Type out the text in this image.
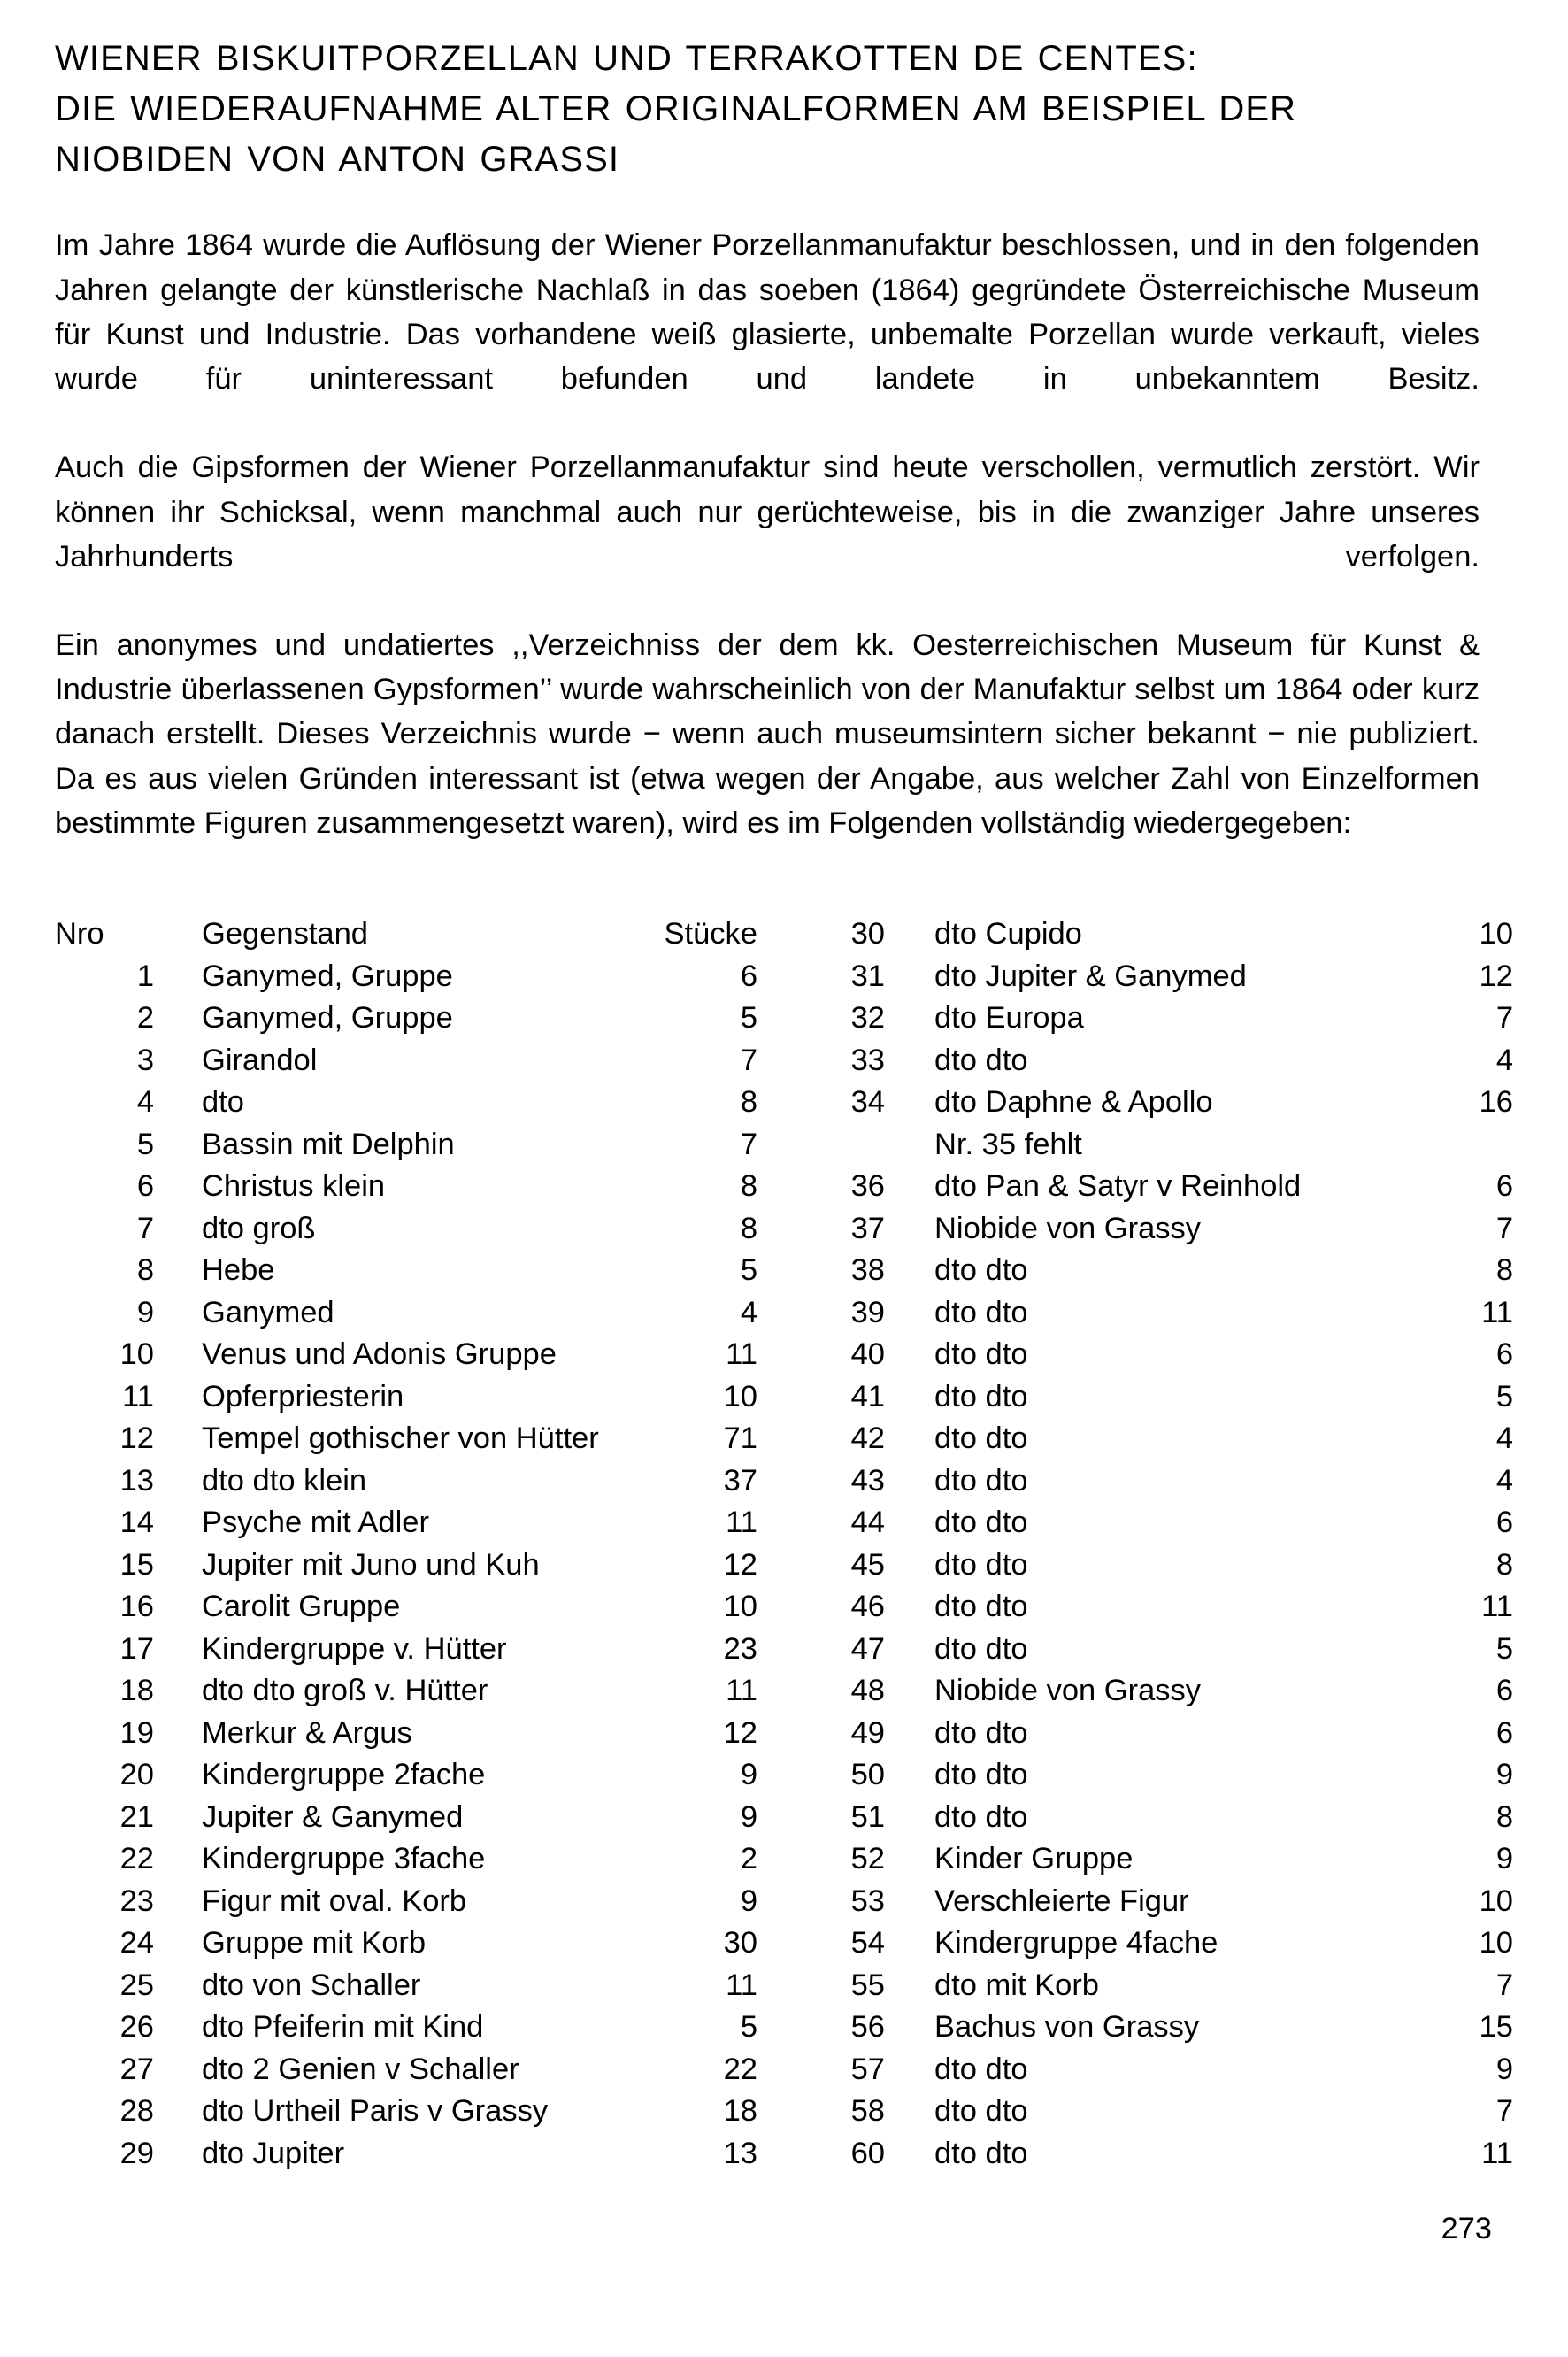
WIENER BISKUITPORZELLAN UND TERRAKOTTEN DE CENTES:
DIE WIEDERAUFNAHME ALTER ORIGINALFORMEN AM BEISPIEL DER
NIOBIDEN VON ANTON GRASSI

Im Jahre 1864 wurde die Auflösung der Wiener Porzellanmanufaktur beschlossen, und in den folgenden Jahren gelangte der künstlerische Nachlaß in das soeben (1864) gegründete Österreichische Museum für Kunst und Industrie. Das vorhandene weiß glasierte, unbemalte Porzellan wurde verkauft, vieles wurde für uninteressant befunden und landete in unbekanntem Besitz.

Auch die Gipsformen der Wiener Porzellanmanufaktur sind heute verschollen, vermutlich zerstört. Wir können ihr Schicksal, wenn manchmal auch nur gerüchteweise, bis in die zwanziger Jahre unseres Jahrhunderts verfolgen.

Ein anonymes und undatiertes ,,Verzeichniss der dem kk. Oesterreichischen Museum für Kunst & Industrie überlassenen Gypsformen’’ wurde wahrscheinlich von der Manufaktur selbst um 1864 oder kurz danach erstellt. Dieses Verzeichnis wurde − wenn auch museumsintern sicher bekannt − nie publiziert. Da es aus vielen Gründen interessant ist (etwa wegen der Angabe, aus welcher Zahl von Einzelformen bestimmte Figuren zusammengesetzt waren), wird es im Folgenden vollständig wiedergegeben:

Nro	Gegenstand	Stücke
1	Ganymed, Gruppe	6
2	Ganymed, Gruppe	5
3	Girandol	7
4	dto	8
5	Bassin mit Delphin	7
6	Christus klein	8
7	dto groß	8
8	Hebe	5
9	Ganymed	4
10	Venus und Adonis Gruppe	11
11	Opferpriesterin	10
12	Tempel gothischer von Hütter	71
13	dto dto klein	37
14	Psyche mit Adler	11
15	Jupiter mit Juno und Kuh	12
16	Carolit Gruppe	10
17	Kindergruppe v. Hütter	23
18	dto dto groß v. Hütter	11
19	Merkur & Argus	12
20	Kindergruppe 2fache	9
21	Jupiter & Ganymed	9
22	Kindergruppe 3fache	2
23	Figur mit oval. Korb	9
24	Gruppe mit Korb	30
25	dto von Schaller	11
26	dto Pfeiferin mit Kind	5
27	dto 2 Genien v Schaller	22
28	dto Urtheil Paris v Grassy	18
29	dto Jupiter	13
30	dto Cupido	10
31	dto Jupiter & Ganymed	12
32	dto Europa	7
33	dto dto	4
34	dto Daphne & Apollo	16
Nr. 35 fehlt
36	dto Pan & Satyr v Reinhold	6
37	Niobide von Grassy	7
38	dto dto	8
39	dto dto	11
40	dto dto	6
41	dto dto	5
42	dto dto	4
43	dto dto	4
44	dto dto	6
45	dto dto	8
46	dto dto	11
47	dto dto	5
48	Niobide von Grassy	6
49	dto dto	6
50	dto dto	9
51	dto dto	8
52	Kinder Gruppe	9
53	Verschleierte Figur	10
54	Kindergruppe 4fache	10
55	dto mit Korb	7
56	Bachus von Grassy	15
57	dto dto	9
58	dto dto	7
60	dto dto	11
273
